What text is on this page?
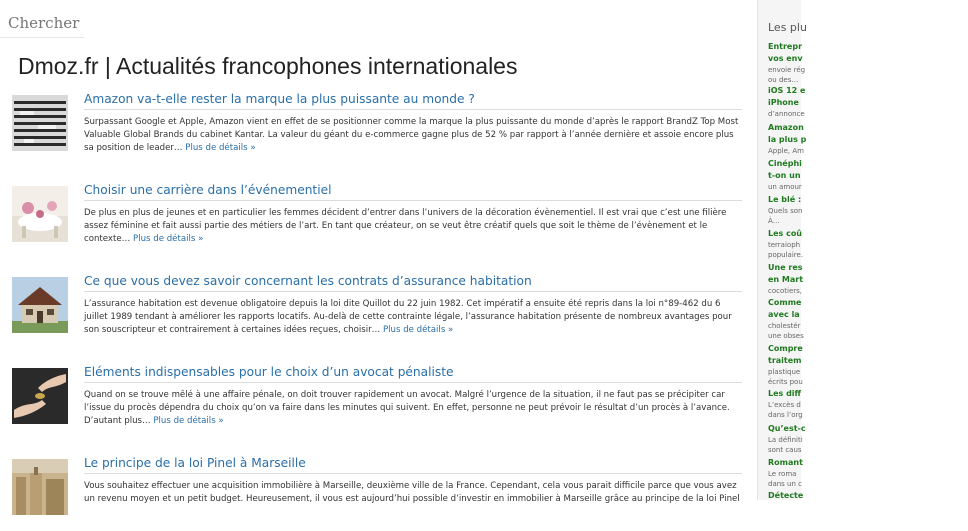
Chercher
Dmoz.fr | Actualités francophones internationales
Amazon va-t-elle rester la marque la plus puissante au monde ?
Surpassant Google et Apple, Amazon vient en effet de se positionner comme la marque la plus puissante du monde d’après le rapport BrandZ Top Most Valuable Global Brands du cabinet Kantar. La valeur du géant du e-commerce gagne plus de 52 % par rapport à l’année dernière et assoie encore plus sa position de leader… Plus de détails »
Choisir une carrière dans l’événementiel
De plus en plus de jeunes et en particulier les femmes décident d’entrer dans l’univers de la décoration évènementiel. Il est vrai que c’est une filière assez féminine et fait aussi partie des métiers de l’art. En tant que créateur, on se veut être créatif quels que soit le thème de l’évènement et le contexte… Plus de détails »
Ce que vous devez savoir concernant les contrats d’assurance habitation
L’assurance habitation est devenue obligatoire depuis la loi dite Quillot du 22 juin 1982. Cet impératif a ensuite été repris dans la loi n°89-462 du 6 juillet 1989 tendant à améliorer les rapports locatifs. Au-delà de cette contrainte légale, l’assurance habitation présente de nombreux avantages pour son souscripteur et contrairement à certaines idées reçues, choisir… Plus de détails »
Eléments indispensables pour le choix d’un avocat pénaliste
Quand on se trouve mêlé à une affaire pénale, on doit trouver rapidement un avocat. Malgré l’urgence de la situation, il ne faut pas se précipiter car l’issue du procès dépendra du choix qu’on va faire dans les minutes qui suivent. En effet, personne ne peut prévoir le résultat d’un procès à l’avance. D’autant plus… Plus de détails »
Le principe de la loi Pinel à Marseille
Vous souhaitez effectuer une acquisition immobilière à Marseille, deuxième ville de la France. Cependant, cela vous parait difficile parce que vous avez un revenu moyen et un petit budget. Heureusement, il vous est aujourd’hui possible d’investir en immobilier à Marseille grâce au principe de la loi Pinel
Les plu
Entrepr
vos env
envoie rég
ou des…
iOS 12 e
iPhone
d’annonce
Amazon
la plus p
Apple, Am
Cinéphi
t-on un
un amour
Le blé :
Quels son
À…
Les coû
terraioph
populaire.
Une res
en Mart
cocotiers,
Comme
avec la
cholestér
une obses
Compre
traitem
plastique
écrits pou
Les diff
L’excès d
dans l’org
Qu’est-c
La définiti
sont caus
Romant
Le roma
dans un c
Détecte
